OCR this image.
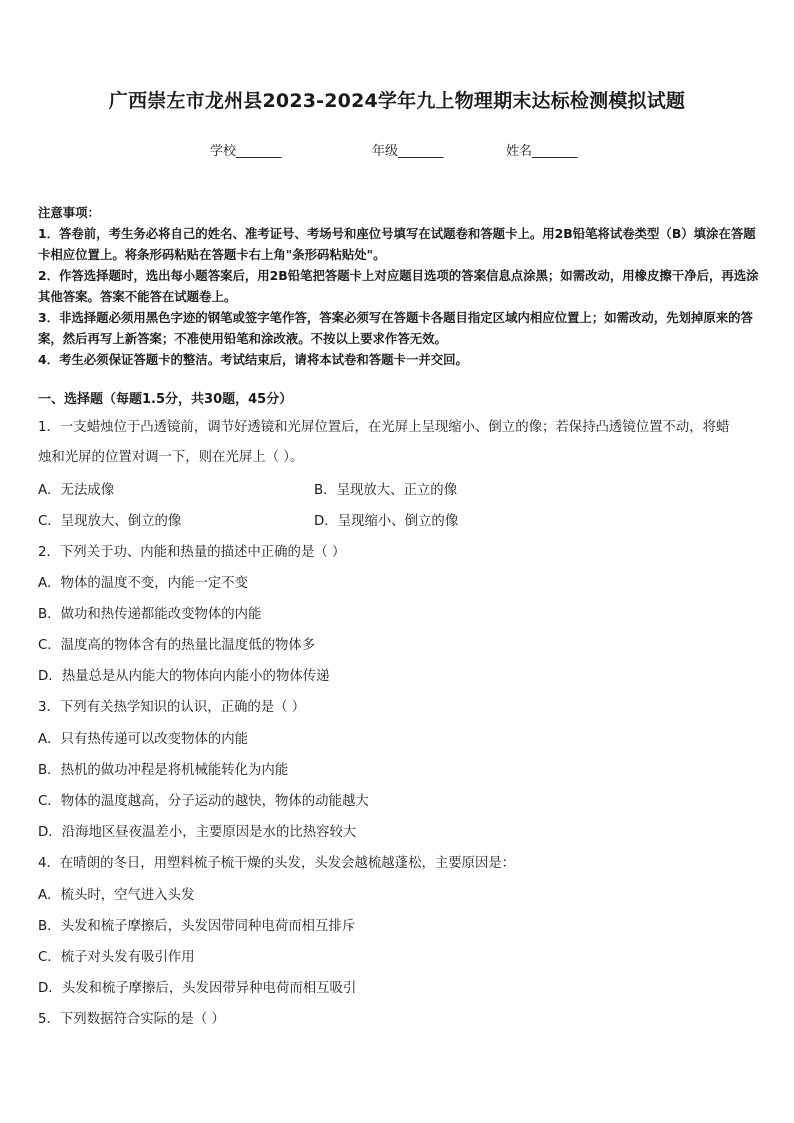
广西崇左市龙州县2023-2024学年九上物理期末达标检测模拟试题
学校_______	年级_______	姓名_______

注意事项：

1．答卷前，考生务必将自己的姓名、准考证号、考场号和座位号填写在试题卷和答题卡上。用2B铅笔将试卷类型（B）填涂在答题卡相应位置上。将条形码粘贴在答题卡右上角"条形码粘贴处"。

2．作答选择题时，选出每小题答案后，用2B铅笔把答题卡上对应题目选项的答案信息点涂黑；如需改动，用橡皮擦干净后，再选涂其他答案。答案不能答在试题卷上。

3．非选择题必须用黑色字迹的钢笔或签字笔作答，答案必须写在答题卡各题目指定区域内相应位置上；如需改动，先划掉原来的答案，然后再写上新答案；不准使用铅笔和涂改液。不按以上要求作答无效。

4．考生必须保证答题卡的整洁。考试结束后，请将本试卷和答题卡一并交回。

一、选择题（每题1.5分，共30题，45分）
1．一支蜡烛位于凸透镜前，调节好透镜和光屏位置后，在光屏上呈现缩小、倒立的像；若保持凸透镜位置不动，将蜡
烛和光屏的位置对调一下，则在光屏上（ ）。
A．无法成像	B．呈现放大、正立的像
C．呈现放大、倒立的像	D．呈现缩小、倒立的像
2．下列关于功、内能和热量的描述中正确的是（ ）
A．物体的温度不变，内能一定不变
B．做功和热传递都能改变物体的内能
C．温度高的物体含有的热量比温度低的物体多
D．热量总是从内能大的物体向内能小的物体传递
3．下列有关热学知识的认识，正确的是（ ）
A．只有热传递可以改变物体的内能
B．热机的做功冲程是将机械能转化为内能
C．物体的温度越高，分子运动的越快，物体的动能越大
D．沿海地区昼夜温差小，主要原因是水的比热容较大
4．在晴朗的冬日，用塑料梳子梳干燥的头发，头发会越梳越蓬松，主要原因是：
A．梳头时，空气进入头发
B．头发和梳子摩擦后，头发因带同种电荷而相互排斥
C．梳子对头发有吸引作用
D．头发和梳子摩擦后，头发因带异种电荷而相互吸引
5．下列数据符合实际的是（ ）
